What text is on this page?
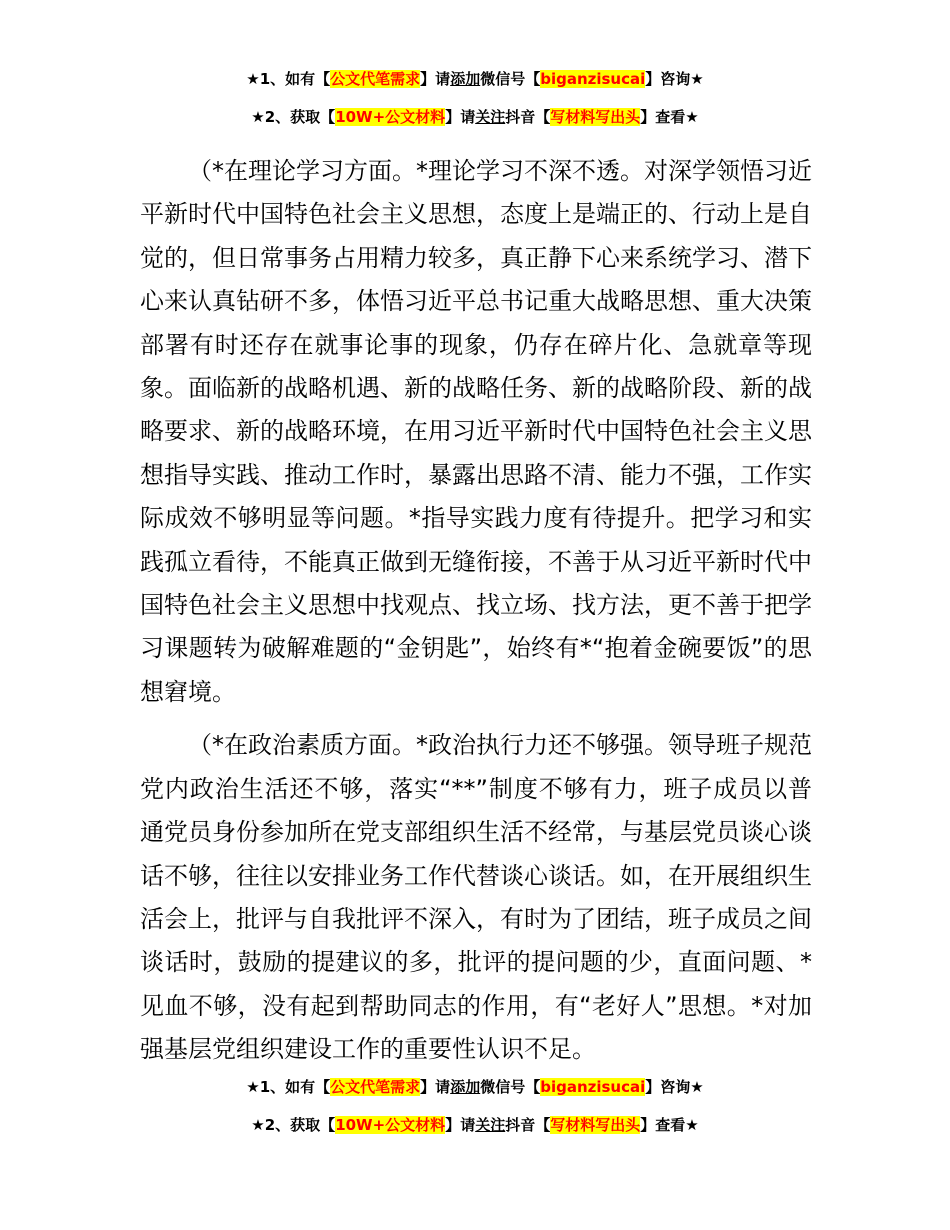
★1、如有【公文代笔需求】请添加微信号【biganzisucai】咨询★
★2、获取【10W+公文材料】请关注抖音【写材料写出头】查看★

（*在理论学习方面。*理论学习不深不透。对深学领悟习近平新时代中国特色社会主义思想，态度上是端正的、行动上是自觉的，但日常事务占用精力较多，真正静下心来系统学习、潜下心来认真钻研不多，体悟习近平总书记重大战略思想、重大决策部署有时还存在就事论事的现象，仍存在碎片化、急就章等现象。面临新的战略机遇、新的战略任务、新的战略阶段、新的战略要求、新的战略环境，在用习近平新时代中国特色社会主义思想指导实践、推动工作时，暴露出思路不清、能力不强，工作实际成效不够明显等问题。*指导实践力度有待提升。把学习和实践孤立看待，不能真正做到无缝衔接，不善于从习近平新时代中国特色社会主义思想中找观点、找立场、找方法，更不善于把学习课题转为破解难题的“金钥匙”，始终有*“抱着金碗要饭”的思想窘境。

（*在政治素质方面。*政治执行力还不够强。领导班子规范党内政治生活还不够，落实“**”制度不够有力，班子成员以普通党员身份参加所在党支部组织生活不经常，与基层党员谈心谈话不够，往往以安排业务工作代替谈心谈话。如，在开展组织生活会上，批评与自我批评不深入，有时为了团结，班子成员之间谈话时，鼓励的提建议的多，批评的提问题的少，直面问题、*见血不够，没有起到帮助同志的作用，有“老好人”思想。*对加强基层党组织建设工作的重要性认识不足。

★1、如有【公文代笔需求】请添加微信号【biganzisucai】咨询★
★2、获取【10W+公文材料】请关注抖音【写材料写出头】查看★
